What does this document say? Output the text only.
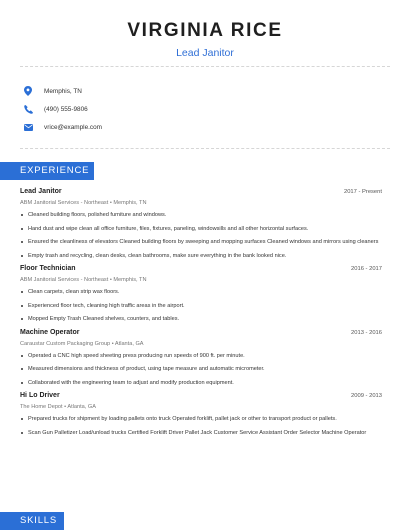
VIRGINIA RICE
Lead Janitor
Memphis, TN
(490) 555-9806
vrice@example.com
EXPERIENCE
Lead Janitor	2017 - Present
ABM Janitorial Services - Northeast • Memphis, TN
Cleaned building floors, polished furniture and windows.
Hand dust and wipe clean all office furniture, files, fixtures, paneling, windowsills and all other horizontal surfaces.
Ensured the cleanliness of elevators Cleaned building floors by sweeping and mopping surfaces Cleaned windows and mirrors using cleaners
Empty trash and recycling, clean desks, clean bathrooms, make sure everything in the bank looked nice.
Floor Technician	2016 - 2017
ABM Janitorial Services - Northeast • Memphis, TN
Clean carpets, clean strip wax floors.
Experienced floor tech, cleaning high traffic areas in the airport.
Mopped Empty Trash Cleaned shelves, counters, and tables.
Machine Operator	2013 - 2016
Caraustar Custom Packaging Group • Atlanta, GA
Operated a CNC high speed sheeting press producing run speeds of 900 ft. per minute.
Measured dimensions and thickness of product, using tape measure and automatic micrometer.
Collaborated with the engineering team to adjust and modify production equipment.
Hi Lo Driver	2009 - 2013
The Home Depot • Atlanta, GA
Prepared trucks for shipment by loading pallets onto truck Operated forklift, pallet jack or other to transport product or pallets.
Scan Gun Palletizer Load/unload trucks Certified Forklift Driver Pallet Jack Customer Service Assistant Order Selector Machine Operator
SKILLS
